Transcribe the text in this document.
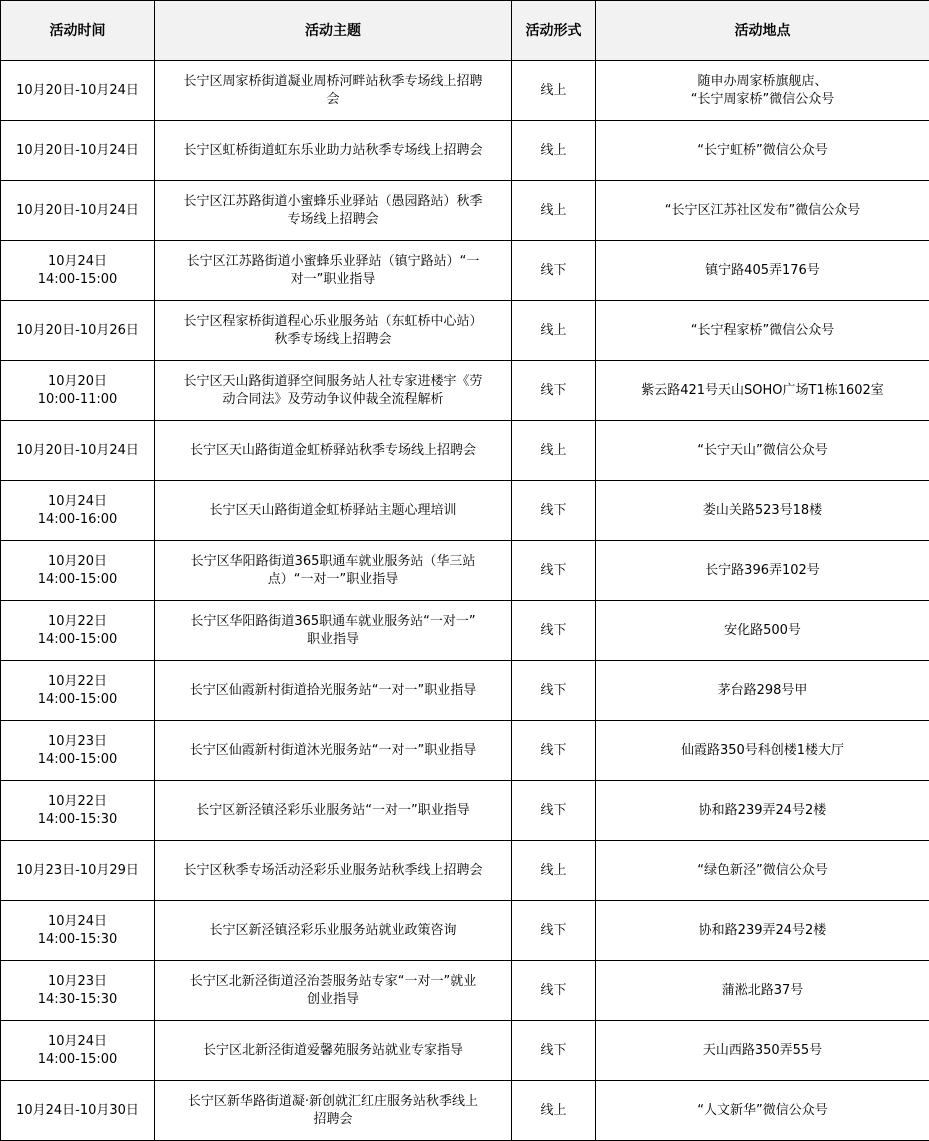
活动时间	活动主题	活动形式	活动地点

10月20日-10月24日	长宁区周家桥街道凝业周桥河畔站秋季专场线上招聘
会	线上	随申办周家桥旗舰店、
“长宁周家桥”微信公众号

10月20日-10月24日	长宁区虹桥街道虹东乐业助力站秋季专场线上招聘会	线上	“长宁虹桥”微信公众号

10月20日-10月24日	长宁区江苏路街道小蜜蜂乐业驿站（愚园路站）秋季
专场线上招聘会	线上	“长宁区江苏社区发布”微信公众号

10月24日
14:00-15:00	长宁区江苏路街道小蜜蜂乐业驿站（镇宁路站）“一
对一”职业指导	线下	镇宁路405弄176号

10月20日-10月26日	长宁区程家桥街道程心乐业服务站（东虹桥中心站）
秋季专场线上招聘会	线上	“长宁程家桥”微信公众号

10月20日
10:00-11:00	长宁区天山路街道驿空间服务站人社专家进楼宇《劳
动合同法》及劳动争议仲裁全流程解析	线下	紫云路421号天山SOHO广场T1栋1602室

10月20日-10月24日	长宁区天山路街道金虹桥驿站秋季专场线上招聘会	线上	“长宁天山”微信公众号

10月24日
14:00-16:00	长宁区天山路街道金虹桥驿站主题心理培训	线下	娄山关路523号18楼

10月20日
14:00-15:00	长宁区华阳路街道365职通车就业服务站（华三站
点）“一对一”职业指导	线下	长宁路396弄102号

10月22日
14:00-15:00	长宁区华阳路街道365职通车就业服务站“一对一”
职业指导	线下	安化路500号

10月22日
14:00-15:00	长宁区仙霞新村街道拾光服务站“一对一”职业指导	线下	茅台路298号甲

10月23日
14:00-15:00	长宁区仙霞新村街道沐光服务站“一对一”职业指导	线下	仙霞路350号科创楼1楼大厅

10月22日
14:00-15:30	长宁区新泾镇泾彩乐业服务站“一对一”职业指导	线下	协和路239弄24号2楼

10月23日-10月29日	长宁区秋季专场活动泾彩乐业服务站秋季线上招聘会	线上	“绿色新泾”微信公众号

10月24日
14:00-15:30	长宁区新泾镇泾彩乐业服务站就业政策咨询	线下	协和路239弄24号2楼

10月23日
14:30-15:30	长宁区北新泾街道泾治荟服务站专家“一对一”就业
创业指导	线下	蒲淞北路37号

10月24日
14:00-15:00	长宁区北新泾街道爱馨苑服务站就业专家指导	线下	天山西路350弄55号

10月24日-10月30日	长宁区新华路街道凝·新创就汇红庄服务站秋季线上
招聘会	线上	“人文新华”微信公众号
